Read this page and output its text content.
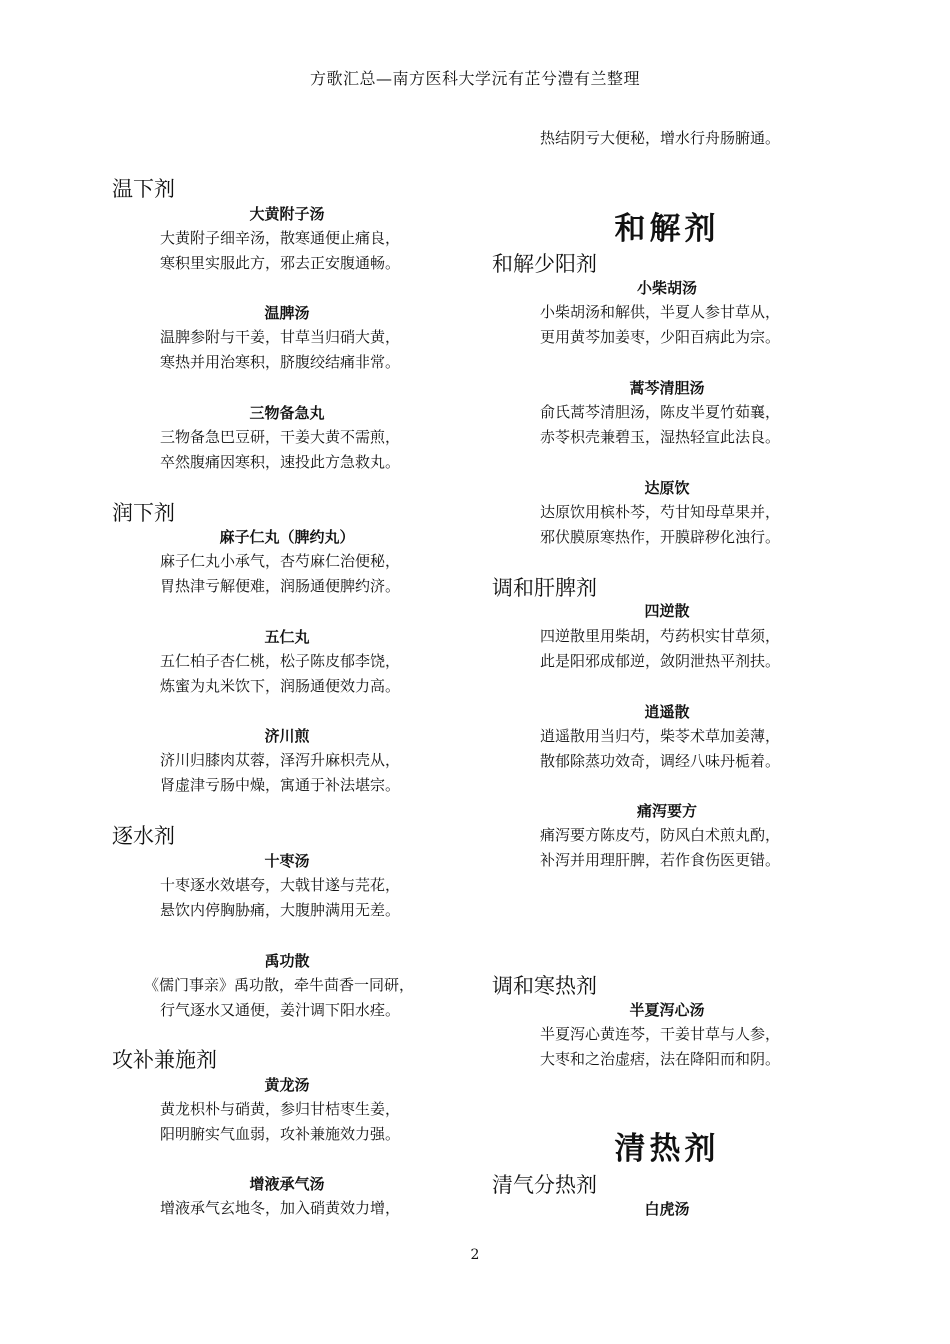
方歌汇总—南方医科大学沅有芷兮澧有兰整理
温下剂
大黄附子汤
大黄附子细辛汤，散寒通便止痛良，
寒积里实服此方，邪去正安腹通畅。
温脾汤
温脾参附与干姜，甘草当归硝大黄，
寒热并用治寒积，脐腹绞结痛非常。
三物备急丸
三物备急巴豆研，干姜大黄不需煎，
卒然腹痛因寒积，速投此方急救丸。
润下剂
麻子仁丸（脾约丸）
麻子仁丸小承气，杏芍麻仁治便秘，
胃热津亏解便难，润肠通便脾约济。
五仁丸
五仁柏子杏仁桃，松子陈皮郁李饶，
炼蜜为丸米饮下，润肠通便效力高。
济川煎
济川归膝肉苁蓉，泽泻升麻枳壳从，
肾虚津亏肠中燥，寓通于补法堪宗。
逐水剂
十枣汤
十枣逐水效堪夸，大戟甘遂与芫花，
悬饮内停胸胁痛，大腹肿满用无差。
禹功散
《儒门事亲》禹功散，牵牛茴香一同研，
行气逐水又通便，姜汁调下阳水痊。
攻补兼施剂
黄龙汤
黄龙枳朴与硝黄，参归甘桔枣生姜，
阳明腑实气血弱，攻补兼施效力强。
增液承气汤
增液承气玄地冬，加入硝黄效力增，
热结阴亏大便秘，增水行舟肠腑通。
和解剂
和解少阳剂
小柴胡汤
小柴胡汤和解供，半夏人参甘草从，
更用黄芩加姜枣，少阳百病此为宗。
蒿芩清胆汤
俞氏蒿芩清胆汤，陈皮半夏竹茹襄，
赤苓枳壳兼碧玉，湿热轻宣此法良。
达原饮
达原饮用槟朴芩，芍甘知母草果并，
邪伏膜原寒热作，开膜辟秽化浊行。
调和肝脾剂
四逆散
四逆散里用柴胡，芍药枳实甘草须，
此是阳邪成郁逆，敛阴泄热平剂扶。
逍遥散
逍遥散用当归芍，柴苓术草加姜薄，
散郁除蒸功效奇，调经八味丹栀着。
痛泻要方
痛泻要方陈皮芍，防风白术煎丸酌，
补泻并用理肝脾，若作食伤医更错。
调和寒热剂
半夏泻心汤
半夏泻心黄连芩，干姜甘草与人参，
大枣和之治虚痞，法在降阳而和阴。
清热剂
清气分热剂
白虎汤
2
